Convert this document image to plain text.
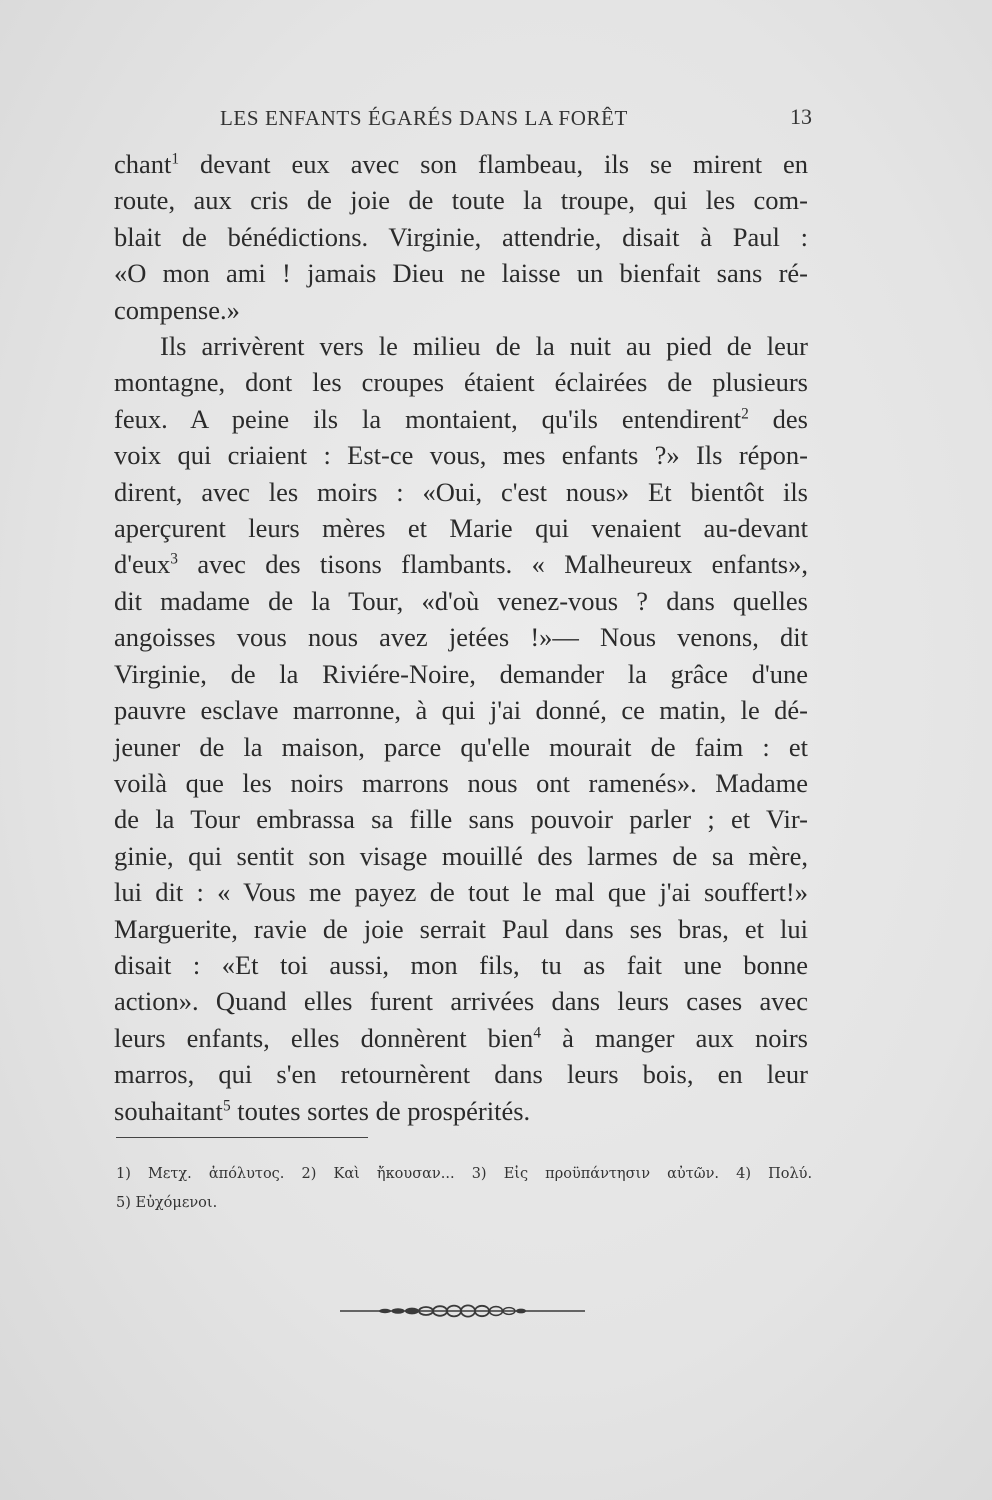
LES ENFANTS ÉGARÉS DANS LA FORÊT	13
chant$^1$ devant eux avec son flambeau, ils se mirent en
route, aux cris de joie de toute la troupe, qui les com-
blait de bénédictions. Virginie, attendrie, disait à Paul :
«O mon ami ! jamais Dieu ne laisse un bienfait sans ré-
compense.»
Ils arrivèrent vers le milieu de la nuit au pied de leur
montagne, dont les croupes étaient éclairées de plusieurs
feux. A peine ils la montaient, qu'ils entendirent$^2$ des
voix qui criaient : Est-ce vous, mes enfants ?» Ils répon-
dirent, avec les moirs : «Oui, c'est nous» Et bientôt ils
aperçurent leurs mères et Marie qui venaient au-devant
d'eux$^3$ avec des tisons flambants. « Malheureux enfants»,
dit madame de la Tour, «d'où venez-vous ? dans quelles
angoisses vous nous avez jetées !»— Nous venons, dit
Virginie, de la Riviére-Noire, demander la grâce d'une
pauvre esclave marronne, à qui j'ai donné, ce matin, le dé-
jeuner de la maison, parce qu'elle mourait de faim : et
voilà que les noirs marrons nous ont ramenés». Madame
de la Tour embrassa sa fille sans pouvoir parler ; et Vir-
ginie, qui sentit son visage mouillé des larmes de sa mère,
lui dit : « Vous me payez de tout le mal que j'ai souffert!»
Marguerite, ravie de joie serrait Paul dans ses bras, et lui
disait : «Et toi aussi, mon fils, tu as fait une bonne
action». Quand elles furent arrivées dans leurs cases avec
leurs enfants, elles donnèrent bien$^4$ à manger aux noirs
marros, qui s'en retournèrent dans leurs bois, en leur
souhaitant$^5$ toutes sortes de prospérités.
1) Μετχ. ἀπόλυτος. 2) Καὶ ἤκουσαν... 3) Εἰς προϋπάντησιν αὐτῶν. 4) Πολύ.
5) Εὐχόμενοι.
